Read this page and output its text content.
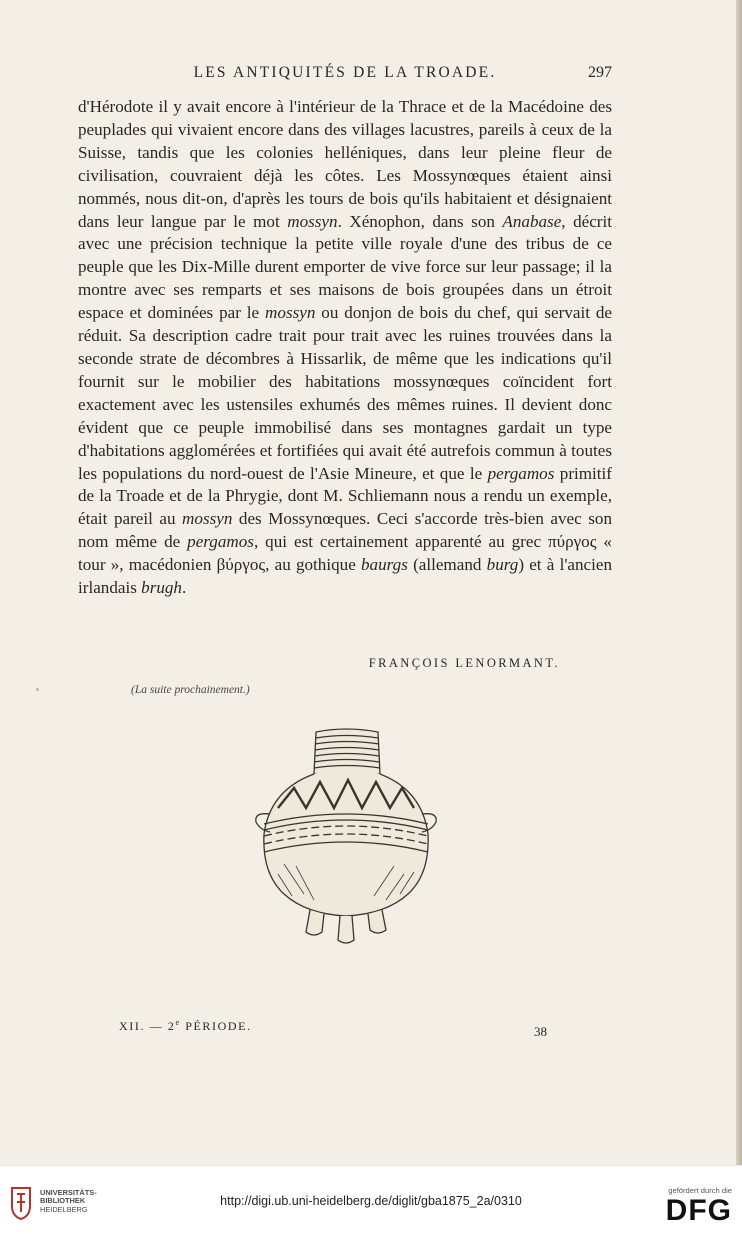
LES ANTIQUITÉS DE LA TROADE.	297

d'Hérodote il y avait encore à l'intérieur de la Thrace et de la Macédoine des peuplades qui vivaient encore dans des villages lacustres, pareils à ceux de la Suisse, tandis que les colonies helléniques, dans leur pleine fleur de civilisation, couvraient déjà les côtes. Les Mossynœques étaient ainsi nommés, nous dit-on, d'après les tours de bois qu'ils habitaient et désignaient dans leur langue par le mot mossyn. Xénophon, dans son Anabase, décrit avec une précision technique la petite ville royale d'une des tribus de ce peuple que les Dix-Mille durent emporter de vive force sur leur passage; il la montre avec ses remparts et ses maisons de bois groupées dans un étroit espace et dominées par le mossyn ou donjon de bois du chef, qui servait de réduit. Sa description cadre trait pour trait avec les ruines trouvées dans la seconde strate de décombres à Hissarlik, de même que les indications qu'il fournit sur le mobilier des habitations mossynœques coïncident fort exactement avec les ustensiles exhumés des mêmes ruines. Il devient donc évident que ce peuple immobilisé dans ses montagnes gardait un type d'habitations agglomérées et fortifiées qui avait été autrefois commun à toutes les populations du nord-ouest de l'Asie Mineure, et que le pergamos primitif de la Troade et de la Phrygie, dont M. Schliemann nous a rendu un exemple, était pareil au mossyn des Mossynœques. Ceci s'accorde très-bien avec son nom même de pergamos, qui est certainement apparenté au grec πύργος « tour », macédonien βύργος, au gothique baurgs (allemand burg) et à l'ancien irlandais brugh.

FRANÇOIS LENORMANT.
(La suite prochainement.)
XII. — 2e PÉRIODE.	38
UNIVERSITÄTS-
BIBLIOTHEK
HEIDELBERG
http://digi.ub.uni-heidelberg.de/diglit/gba1875_2a/0310
gefördert durch die
DFG
